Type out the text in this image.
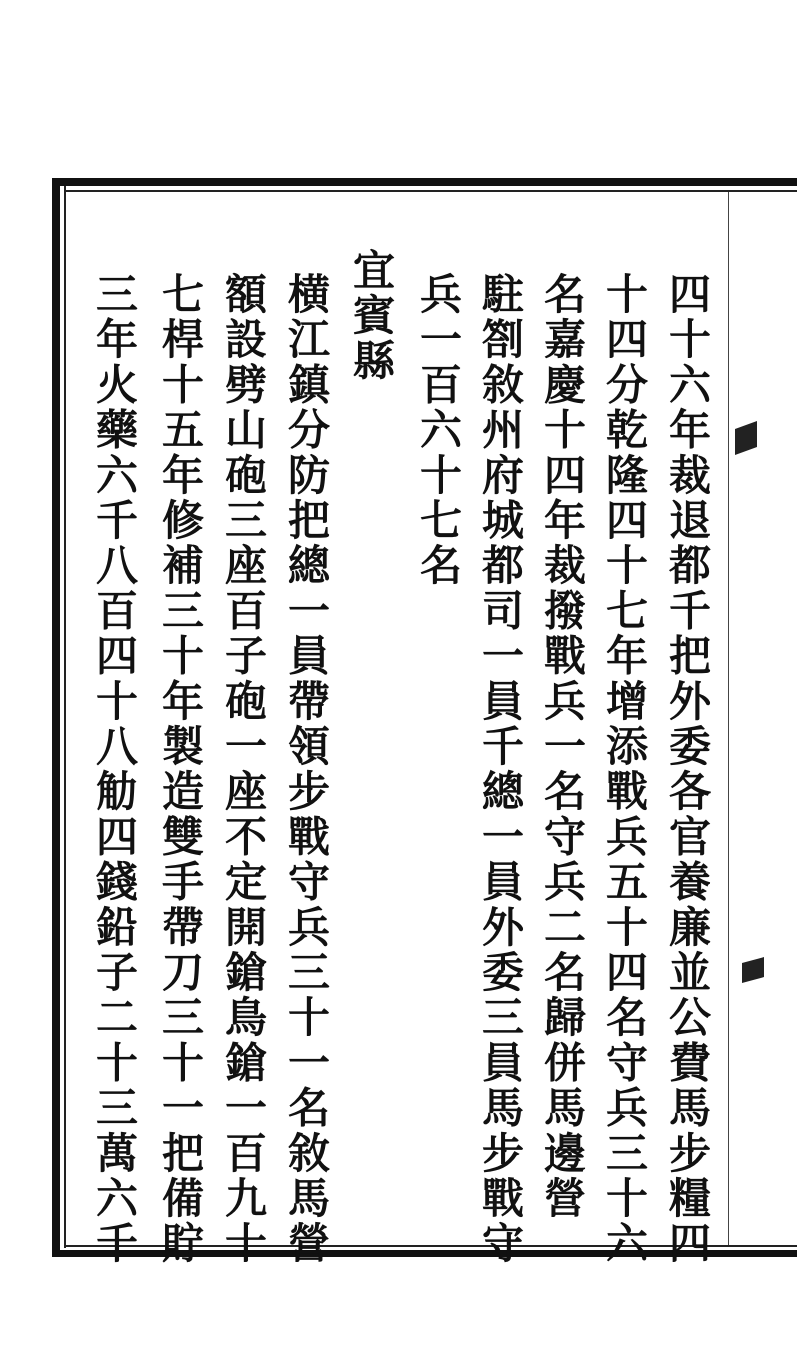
四十六年裁退都千把外委各官養廉並公費馬步糧四
十四分乾隆四十七年增添戰兵五十四名守兵三十六
名嘉慶十四年裁撥戰兵一名守兵二名歸併馬邊營
駐劄敘州府城都司一員千總一員外委三員馬步戰守
兵一百六十七名
宜賓縣
横江鎮分防把總一員帶領步戰守兵三十一名敘馬營
額設劈山砲三座百子砲一座不定開鎗鳥鎗一百九十
七桿十五年修補三十年製造雙手帶刀三十一把備貯
三年火藥六千八百四十八觔四錢鉛子二十三萬六千
